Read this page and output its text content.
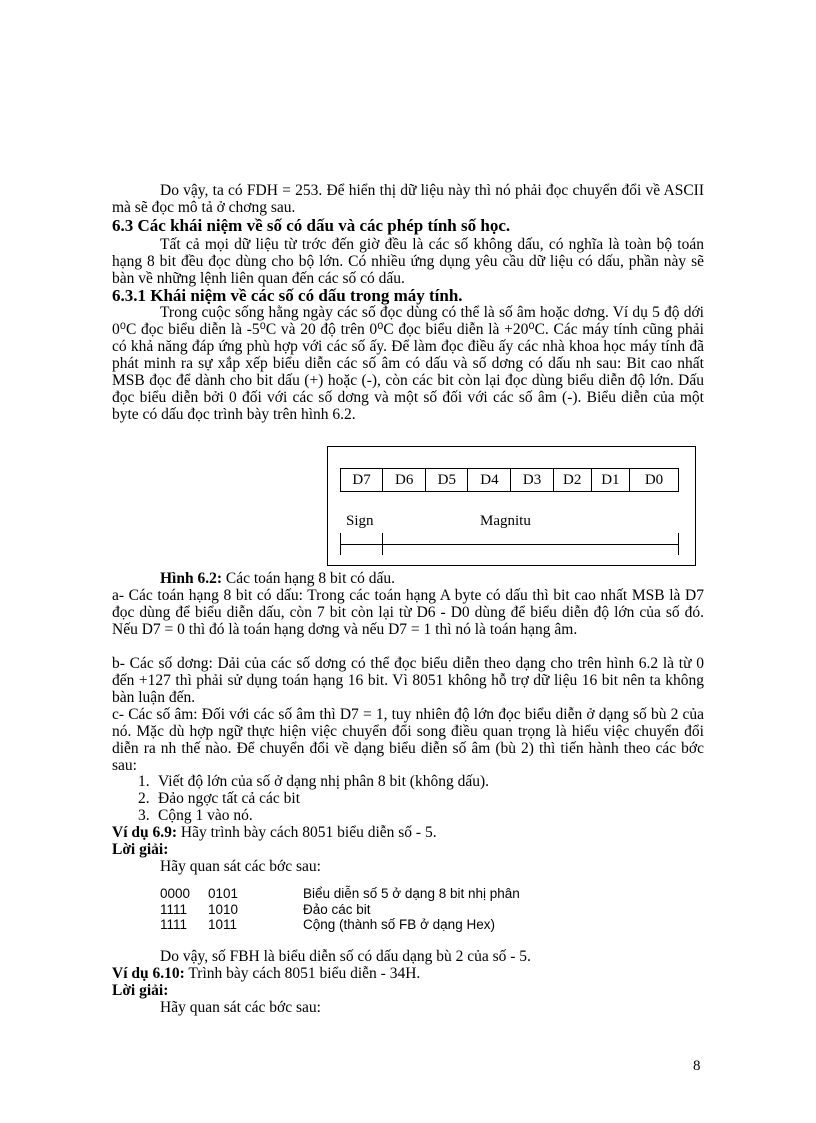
Do vậy, ta có FDH = 253. Để hiển thị dữ liệu này thì nó phải đọc chuyển đổi về ASCII mà sẽ đọc mô tả ở chơng sau.

6.3 Các khái niệm về số có dấu và các phép tính số học.

Tất cả mọi dữ liệu từ trớc đến giờ đều là các số không dấu, có nghĩa là toàn bộ toán hạng 8 bit đều đọc dùng cho bộ lớn. Có nhiều ứng dụng yêu cầu dữ liệu có dấu, phần này sẽ bàn về những lệnh liên quan đến các số có dấu.

6.3.1 Khái niệm về các số có dấu trong máy tính.

Trong cuộc sống hằng ngày các số đọc dùng có thể là số âm hoặc dơng. Ví dụ 5 độ dới 0⁰C đọc biểu diễn là -5⁰C và 20 độ trên 0⁰C đọc biểu diễn là +20⁰C. Các máy tính cũng phải có khả năng đáp ứng phù hợp với các số ấy. Để làm đọc điều ấy các nhà khoa học máy tính đã phát minh ra sự xắp xếp biểu diễn các số âm có dấu và số dơng có dấu nh sau: Bit cao nhất MSB đọc để dành cho bit dấu (+) hoặc (-), còn các bit còn lại đọc dùng biểu diễn độ lớn. Dấu đọc biểu diễn bởi 0 đối với các số dơng và một số đối với các số âm (-). Biểu diễn của một byte có dấu đọc trình bày trên hình 6.2.

D7	D6	D5	D4	D3	D2	D1	D0
Sign	Magnitu

Hình 6.2: Các toán hạng 8 bit có dấu.

a- Các toán hạng 8 bit có dấu: Trong các toán hạng A byte có dấu thì bit cao nhất MSB là D7 đọc dùng để biểu diễn dấu, còn 7 bit còn lại từ D6 - D0 dùng để biểu diễn độ lớn của số đó. Nếu D7 = 0 thì đó là toán hạng dơng và nếu D7 = 1 thì nó là toán hạng âm.

b- Các số dơng: Dải của các số dơng có thể đọc biểu diễn theo dạng cho trên hình 6.2 là từ 0 đến +127 thì phải sử dụng toán hạng 16 bit. Vì 8051 không hỗ trợ dữ liệu 16 bit nên ta không bàn luận đến.

c- Các số âm: Đối với các số âm thì D7 = 1, tuy nhiên độ lớn đọc biểu diễn ở dạng số bù 2 của nó. Mặc dù hợp ngữ thực hiện việc chuyển đổi song điều quan trọng là hiểu việc chuyển đổi diễn ra nh thế nào. Để chuyển đổi về dạng biểu diễn số âm (bù 2) thì tiến hành theo các bớc sau:

1. Viết độ lớn của số ở dạng nhị phân 8 bit (không dấu).
2. Đảo ngợc tất cả các bit
3. Cộng 1 vào nó.

Ví dụ 6.9: Hãy trình bày cách 8051 biểu diễn số - 5.

Lời giải:

Hãy quan sát các bớc sau:

0000 0101	Biểu diễn số 5 ở dạng 8 bit nhị phân
1111 1010	Đảo các bit
1111 1011	Cộng (thành số FB ở dạng Hex)

Do vậy, số FBH là biểu diễn số có dấu dạng bù 2 của số - 5.

Ví dụ 6.10: Trình bày cách 8051 biểu diễn - 34H.

Lời giải:

Hãy quan sát các bớc sau:

8
